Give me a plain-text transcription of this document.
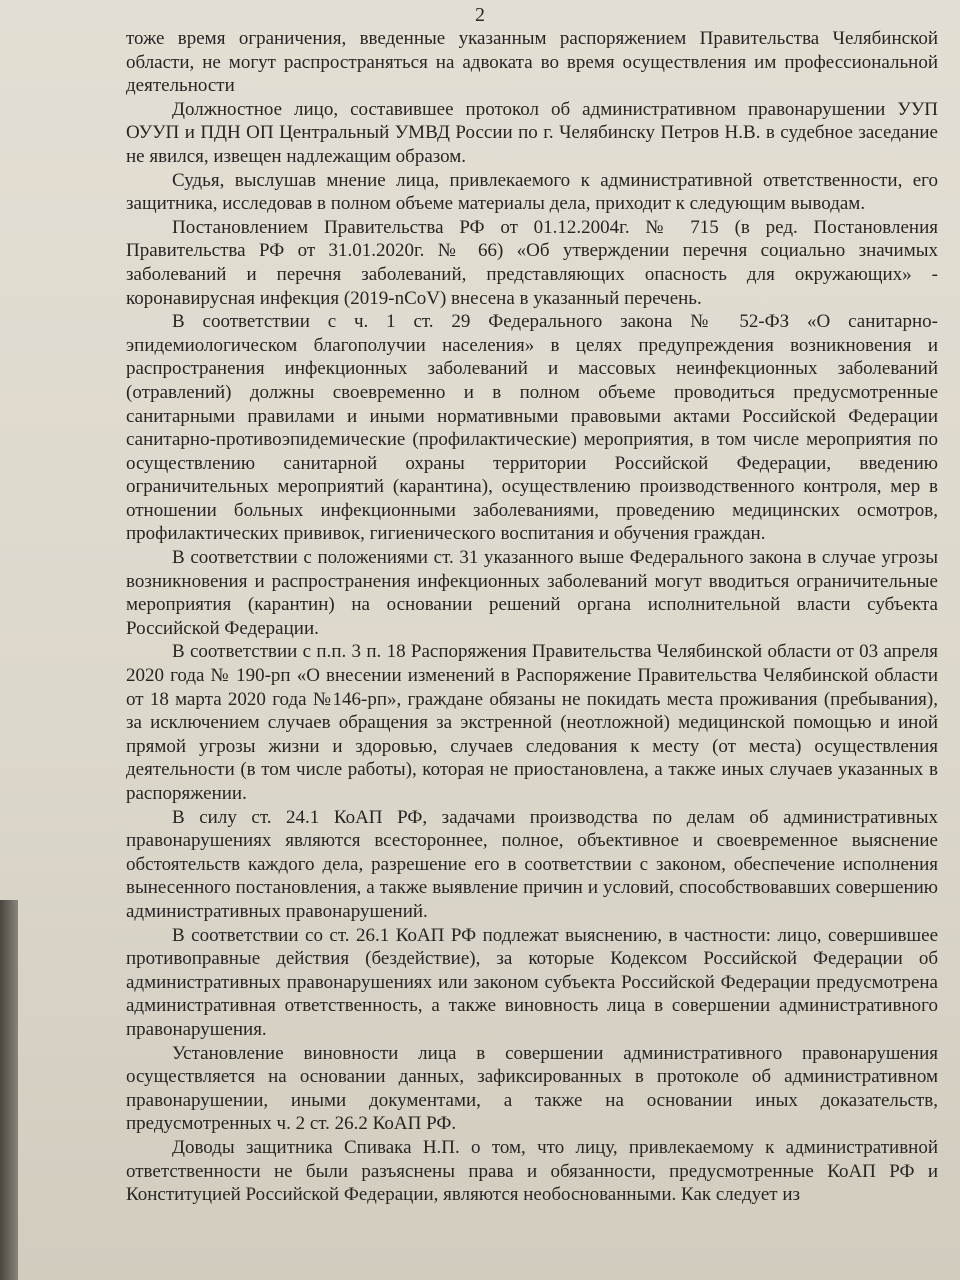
2

тоже время ограничения, введенные указанным распоряжением Правительства Челябинской области, не могут распространяться на адвоката во время осуществления им профессиональной деятельности

Должностное лицо, составившее протокол об административном правонарушении УУП ОУУП и ПДН ОП Центральный УМВД России по г. Челябинску Петров Н.В. в судебное заседание не явился, извещен надлежащим образом.

Судья, выслушав мнение лица, привлекаемого к административной ответственности, его защитника, исследовав в полном объеме материалы дела, приходит к следующим выводам.

Постановлением Правительства РФ от 01.12.2004г. № 715 (в ред. Постановления Правительства РФ от 31.01.2020г. № 66) «Об утверждении перечня социально значимых заболеваний и перечня заболеваний, представляющих опасность для окружающих» - коронавирусная инфекция (2019-nCoV) внесена в указанный перечень.

В соответствии с ч. 1 ст. 29 Федерального закона № 52-ФЗ «О санитарно-эпидемиологическом благополучии населения» в целях предупреждения возникновения и распространения инфекционных заболеваний и массовых неинфекционных заболеваний (отравлений) должны своевременно и в полном объеме проводиться предусмотренные санитарными правилами и иными нормативными правовыми актами Российской Федерации санитарно-противоэпидемические (профилактические) мероприятия, в том числе мероприятия по осуществлению санитарной охраны территории Российской Федерации, введению ограничительных мероприятий (карантина), осуществлению производственного контроля, мер в отношении больных инфекционными заболеваниями, проведению медицинских осмотров, профилактических прививок, гигиенического воспитания и обучения граждан.

В соответствии с положениями ст. 31 указанного выше Федерального закона в случае угрозы возникновения и распространения инфекционных заболеваний могут вводиться ограничительные мероприятия (карантин) на основании решений органа исполнительной власти субъекта Российской Федерации.

В соответствии с п.п. 3 п. 18 Распоряжения Правительства Челябинской области от 03 апреля 2020 года № 190-рп «О внесении изменений в Распоряжение Правительства Челябинской области от 18 марта 2020 года №146-рп», граждане обязаны не покидать места проживания (пребывания), за исключением случаев обращения за экстренной (неотложной) медицинской помощью и иной прямой угрозы жизни и здоровью, случаев следования к месту (от места) осуществления деятельности (в том числе работы), которая не приостановлена, а также иных случаев указанных в распоряжении.

В силу ст. 24.1 КоАП РФ, задачами производства по делам об административных правонарушениях являются всестороннее, полное, объективное и своевременное выяснение обстоятельств каждого дела, разрешение его в соответствии с законом, обеспечение исполнения вынесенного постановления, а также выявление причин и условий, способствовавших совершению административных правонарушений.

В соответствии со ст. 26.1 КоАП РФ подлежат выяснению, в частности: лицо, совершившее противоправные действия (бездействие), за которые Кодексом Российской Федерации об административных правонарушениях или законом субъекта Российской Федерации предусмотрена административная ответственность, а также виновность лица в совершении административного правонарушения.

Установление виновности лица в совершении административного правонарушения осуществляется на основании данных, зафиксированных в протоколе об административном правонарушении, иными документами, а также на основании иных доказательств, предусмотренных ч. 2 ст. 26.2 КоАП РФ.

Доводы защитника Спивака Н.П. о том, что лицу, привлекаемому к административной ответственности не были разъяснены права и обязанности, предусмотренные КоАП РФ и Конституцией Российской Федерации, являются необоснованными. Как следует из
